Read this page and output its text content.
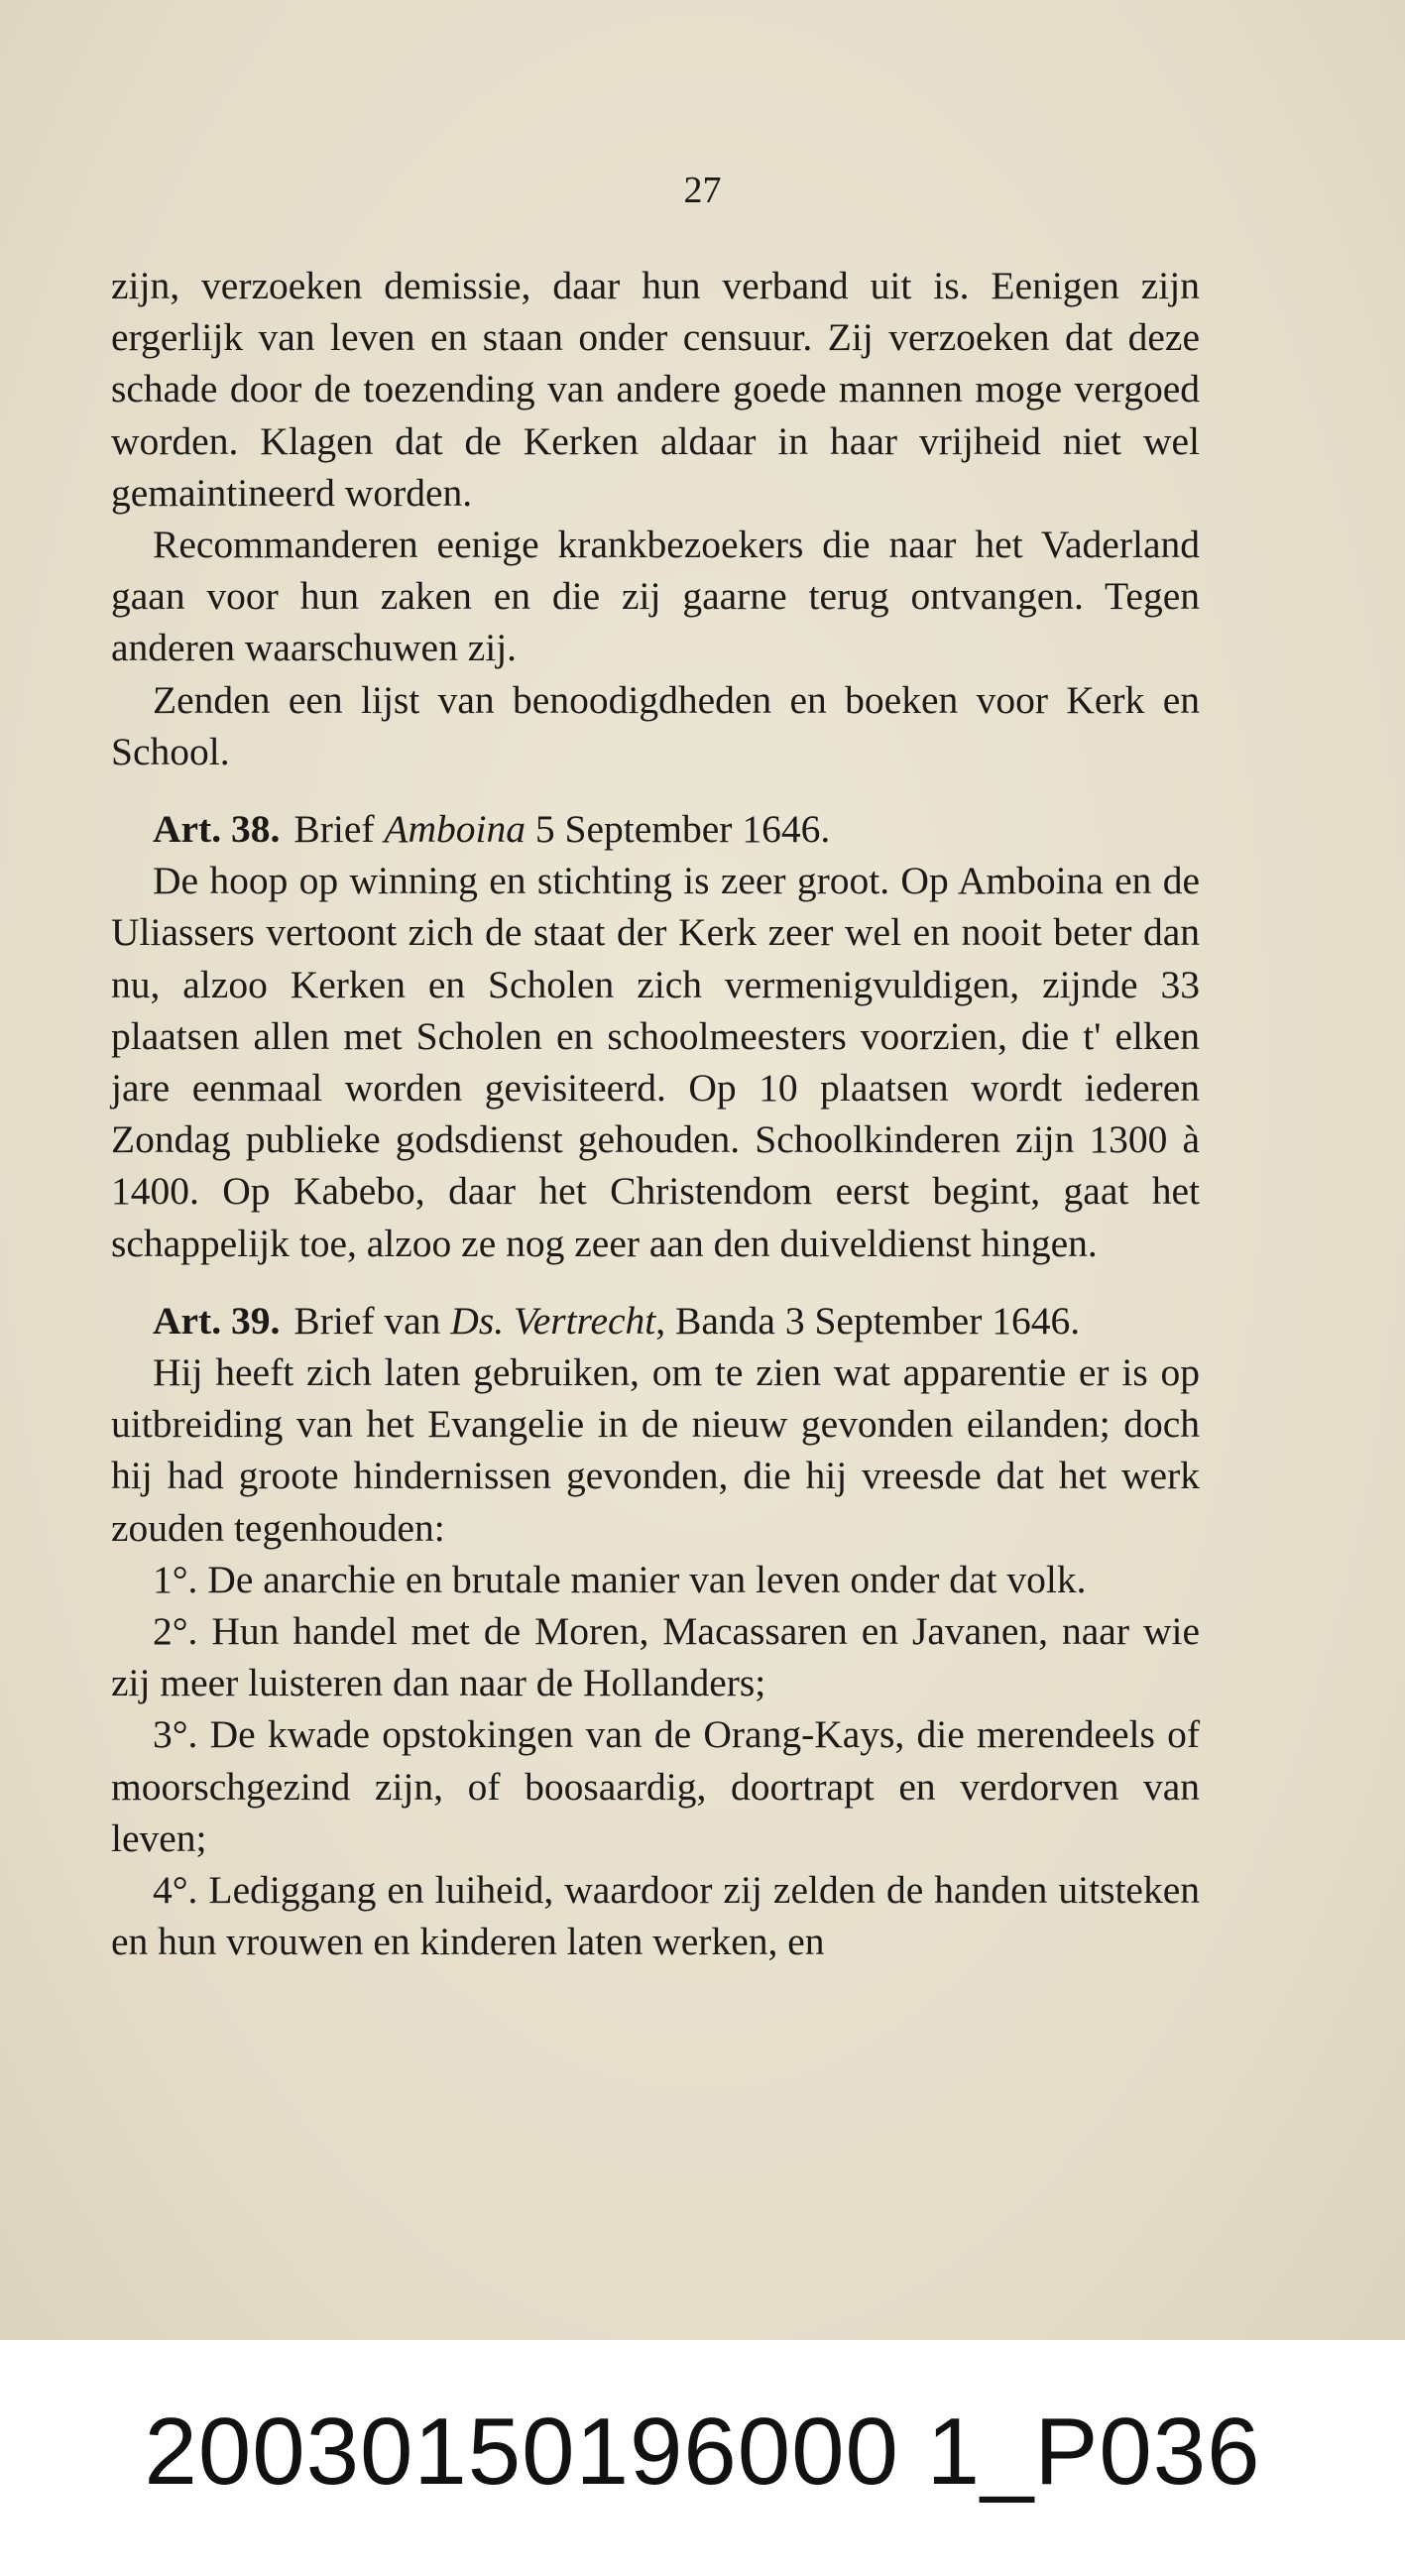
27

zijn, verzoeken demissie, daar hun verband uit is. Eenigen zijn ergerlijk van leven en staan onder censuur. Zij verzoeken dat deze schade door de toezending van andere goede mannen moge vergoed worden. Klagen dat de Kerken aldaar in haar vrijheid niet wel gemaintineerd worden.

Recommanderen eenige krankbezoekers die naar het Vaderland gaan voor hun zaken en die zij gaarne terug ontvangen. Tegen anderen waarschuwen zij.

Zenden een lijst van benoodigdheden en boeken voor Kerk en School.

Art. 38. Brief Amboina 5 September 1646.

De hoop op winning en stichting is zeer groot. Op Amboina en de Uliassers vertoont zich de staat der Kerk zeer wel en nooit beter dan nu, alzoo Kerken en Scholen zich vermenigvuldigen, zijnde 33 plaatsen allen met Scholen en schoolmeesters voorzien, die t' elken jare eenmaal worden gevisiteerd. Op 10 plaatsen wordt iederen Zondag publieke godsdienst gehouden. Schoolkinderen zijn 1300 à 1400. Op Kabebo, daar het Christendom eerst begint, gaat het schappelijk toe, alzoo ze nog zeer aan den duiveldienst hingen.

Art. 39. Brief van Ds. Vertrecht, Banda 3 September 1646.

Hij heeft zich laten gebruiken, om te zien wat apparentie er is op uitbreiding van het Evangelie in de nieuw gevonden eilanden; doch hij had groote hindernissen gevonden, die hij vreesde dat het werk zouden tegenhouden:

1°. De anarchie en brutale manier van leven onder dat volk.

2°. Hun handel met de Moren, Macassaren en Javanen, naar wie zij meer luisteren dan naar de Hollanders;

3°. De kwade opstokingen van de Orang-Kays, die merendeels of moorschgezind zijn, of boosaardig, doortrapt en verdorven van leven;

4°. Lediggang en luiheid, waardoor zij zelden de handen uitsteken en hun vrouwen en kinderen laten werken, en

20030150196000 1_P036
